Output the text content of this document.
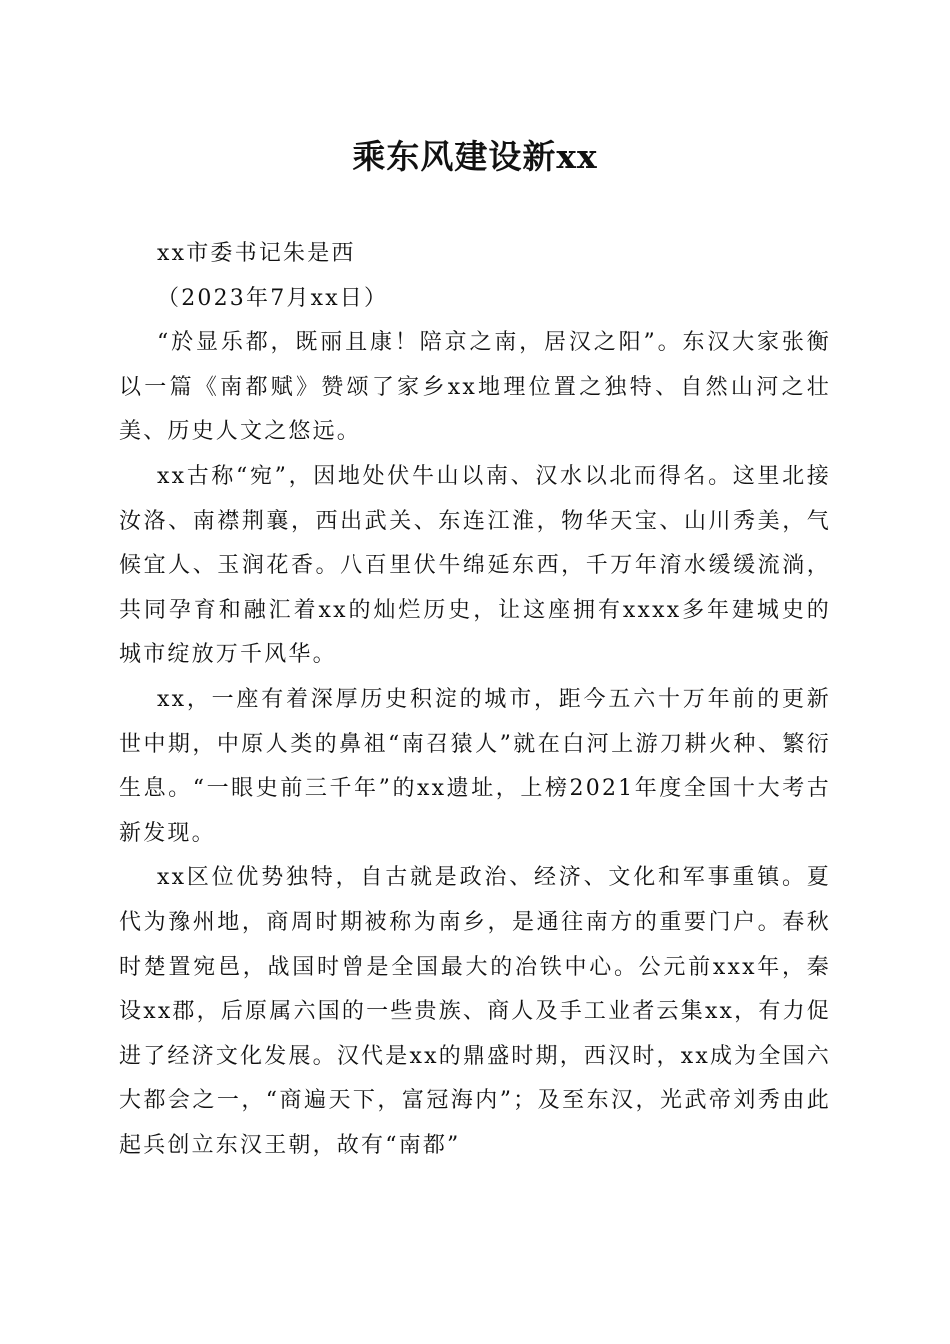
乘东风建设新xx

xx市委书记朱是西

（2023年7月xx日）

“於显乐都，既丽且康！陪京之南，居汉之阳”。东汉大家张衡以一篇《南都赋》赞颂了家乡xx地理位置之独特、自然山河之壮美、历史人文之悠远。

xx古称“宛”，因地处伏牛山以南、汉水以北而得名。这里北接汝洛、南襟荆襄，西出武关、东连江淮，物华天宝、山川秀美，气候宜人、玉润花香。八百里伏牛绵延东西，千万年淯水缓缓流淌，共同孕育和融汇着xx的灿烂历史，让这座拥有xxxx多年建城史的城市绽放万千风华。

xx，一座有着深厚历史积淀的城市，距今五六十万年前的更新世中期，中原人类的鼻祖“南召猿人”就在白河上游刀耕火种、繁衍生息。“一眼史前三千年”的xx遗址，上榜2021年度全国十大考古新发现。

xx区位优势独特，自古就是政治、经济、文化和军事重镇。夏代为豫州地，商周时期被称为南乡，是通往南方的重要门户。春秋时楚置宛邑，战国时曾是全国最大的冶铁中心。公元前xxx年，秦设xx郡，后原属六国的一些贵族、商人及手工业者云集xx，有力促进了经济文化发展。汉代是xx的鼎盛时期，西汉时，xx成为全国六大都会之一，“商遍天下，富冠海内”；及至东汉，光武帝刘秀由此起兵创立东汉王朝，故有“南都”
